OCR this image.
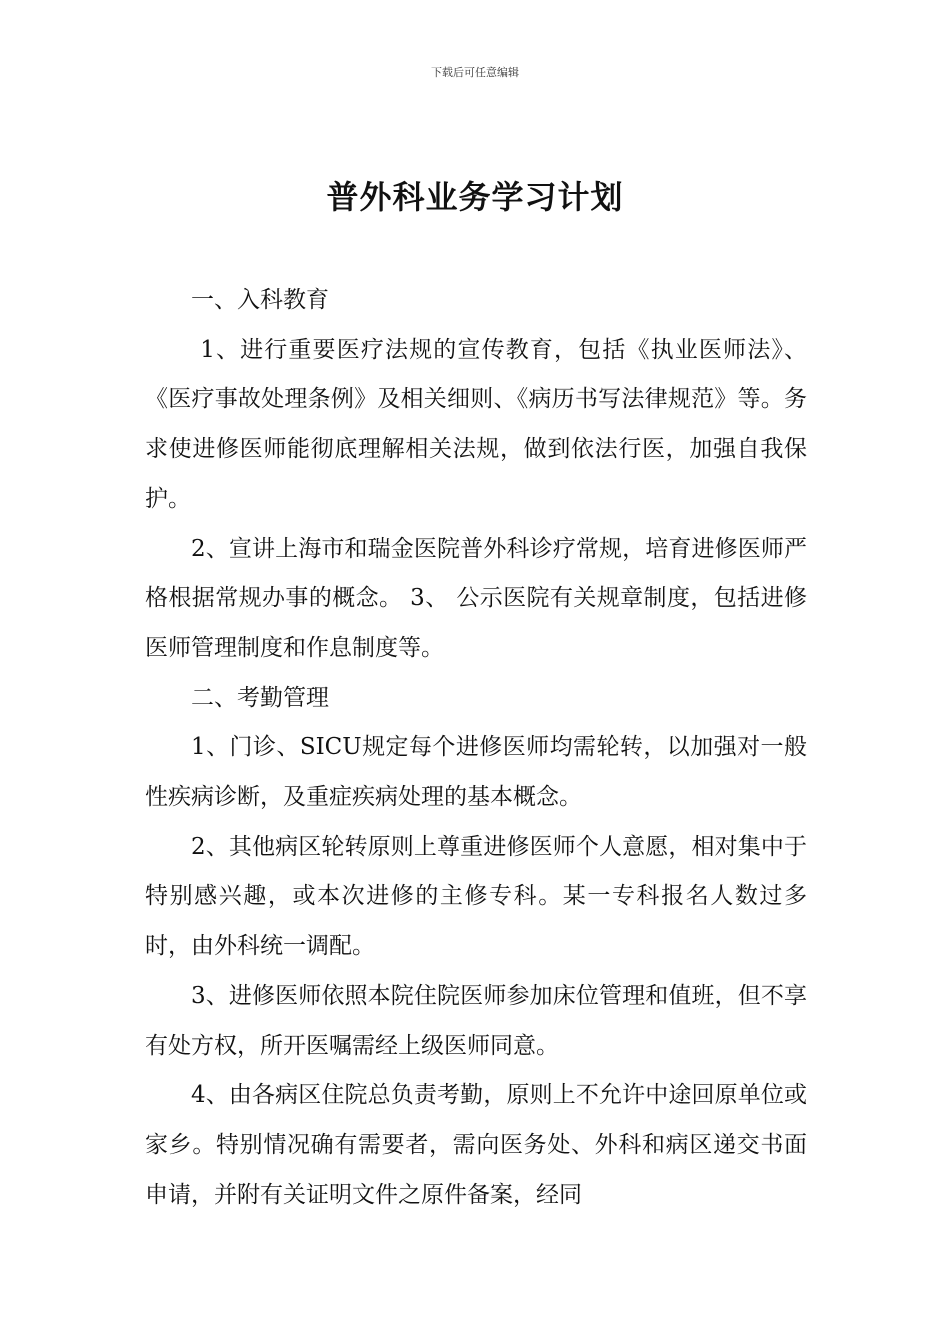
下载后可任意编辑
普外科业务学习计划

一、入科教育

1、进行重要医疗法规的宣传教育，包括《执业医师法》、《医疗事故处理条例》及相关细则、《病历书写法律规范》等。务求使进修医师能彻底理解相关法规，做到依法行医，加强自我保护。

2、宣讲上海市和瑞金医院普外科诊疗常规，培育进修医师严格根据常规办事的概念。 3、 公示医院有关规章制度，包括进修医师管理制度和作息制度等。

二、考勤管理

1、门诊、SICU规定每个进修医师均需轮转，以加强对一般性疾病诊断，及重症疾病处理的基本概念。

2、其他病区轮转原则上尊重进修医师个人意愿，相对集中于特别感兴趣，或本次进修的主修专科。某一专科报名人数过多时，由外科统一调配。

3、进修医师依照本院住院医师参加床位管理和值班，但不享有处方权，所开医嘱需经上级医师同意。

4、由各病区住院总负责考勤，原则上不允许中途回原单位或家乡。特别情况确有需要者，需向医务处、外科和病区递交书面申请，并附有关证明文件之原件备案，经同
